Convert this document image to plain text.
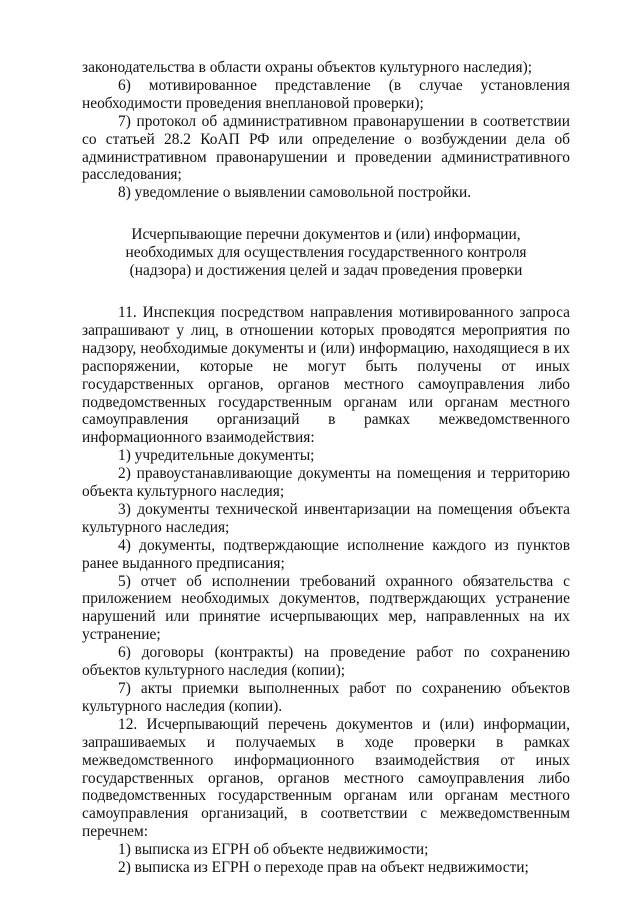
законодательства в области охраны объектов культурного наследия);

6) мотивированное представление (в случае установления необходимости проведения внеплановой проверки);

7) протокол об административном правонарушении в соответствии со статьей 28.2 КоАП РФ или определение о возбуждении дела об административном правонарушении и проведении административного расследования;

8) уведомление о выявлении самовольной постройки.

Исчерпывающие перечни документов и (или) информации,
необходимых для осуществления государственного контроля
(надзора) и достижения целей и задач проведения проверки

11. Инспекция посредством направления мотивированного запроса запрашивают у лиц, в отношении которых проводятся мероприятия по надзору, необходимые документы и (или) информацию, находящиеся в их распоряжении, которые не могут быть получены от иных государственных органов, органов местного самоуправления либо подведомственных государственным органам или органам местного самоуправления организаций в рамках межведомственного информационного взаимодействия:

1) учредительные документы;

2) правоустанавливающие документы на помещения и территорию объекта культурного наследия;

3) документы технической инвентаризации на помещения объекта культурного наследия;

4) документы, подтверждающие исполнение каждого из пунктов ранее выданного предписания;

5) отчет об исполнении требований охранного обязательства с приложением необходимых документов, подтверждающих устранение нарушений или принятие исчерпывающих мер, направленных на их устранение;

6) договоры (контракты) на проведение работ по сохранению объектов культурного наследия (копии);

7) акты приемки выполненных работ по сохранению объектов культурного наследия (копии).

12. Исчерпывающий перечень документов и (или) информации, запрашиваемых и получаемых в ходе проверки в рамках межведомственного информационного взаимодействия от иных государственных органов, органов местного самоуправления либо подведомственных государственным органам или органам местного самоуправления организаций, в соответствии с межведомственным перечнем:

1) выписка из ЕГРН об объекте недвижимости;

2) выписка из ЕГРН о переходе прав на объект недвижимости;
